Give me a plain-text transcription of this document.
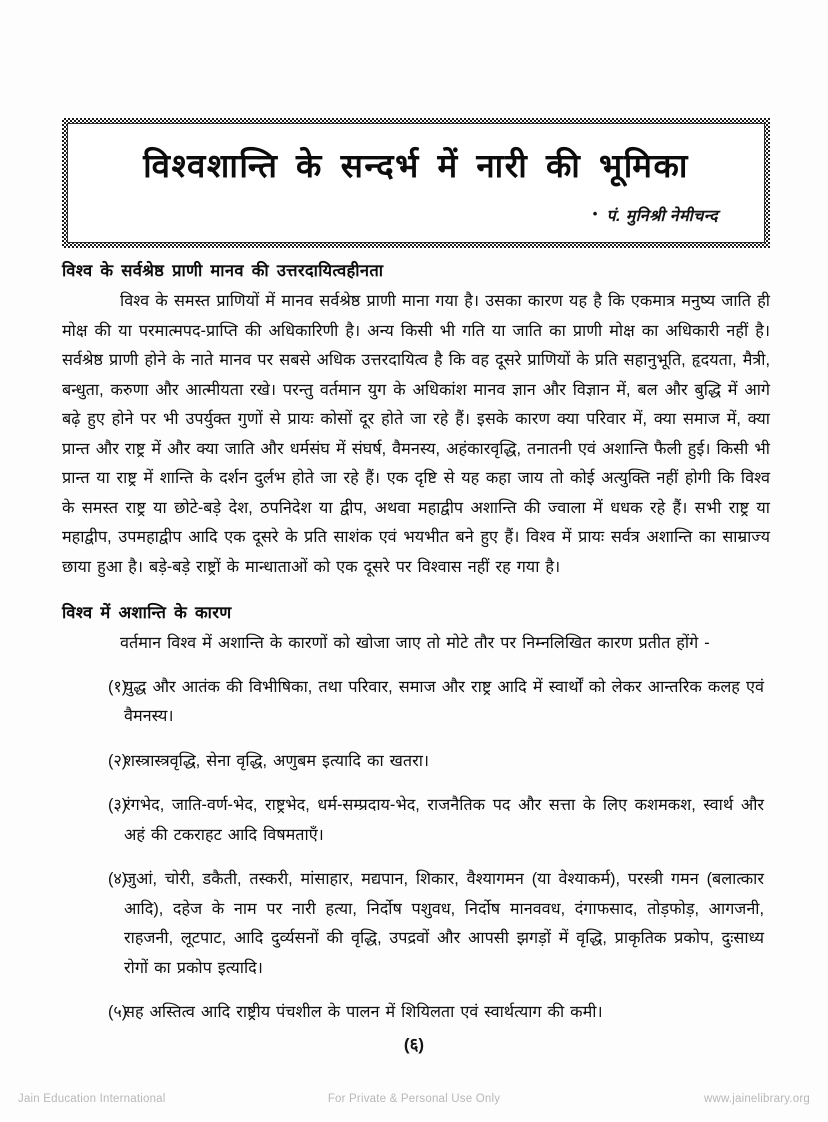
विश्वशान्ति के सन्दर्भ में नारी की भूमिका
• पं. मुनिश्री नेमीचन्द
विश्व के सर्वश्रेष्ठ प्राणी मानव की उत्तरदायित्वहीनता

विश्व के समस्त प्राणियों में मानव सर्वश्रेष्ठ प्राणी माना गया है। उसका कारण यह है कि एकमात्र मनुष्य जाति ही मोक्ष की या परमात्मपद-प्राप्ति की अधिकारिणी है। अन्य किसी भी गति या जाति का प्राणी मोक्ष का अधिकारी नहीं है। सर्वश्रेष्ठ प्राणी होने के नाते मानव पर सबसे अधिक उत्तरदायित्व है कि वह दूसरे प्राणियों के प्रति सहानुभूति, हृदयता, मैत्री, बन्धुता, करुणा और आत्मीयता रखे। परन्तु वर्तमान युग के अधिकांश मानव ज्ञान और विज्ञान में, बल और बुद्धि में आगे बढ़े हुए होने पर भी उपर्युक्त गुणों से प्रायः कोसों दूर होते जा रहे हैं। इसके कारण क्या परिवार में, क्या समाज में, क्या प्रान्त और राष्ट्र में और क्या जाति और धर्मसंघ में संघर्ष, वैमनस्य, अहंकारवृद्धि, तनातनी एवं अशान्ति फैली हुई। किसी भी प्रान्त या राष्ट्र में शान्ति के दर्शन दुर्लभ होते जा रहे हैं। एक दृष्टि से यह कहा जाय तो कोई अत्युक्ति नहीं होगी कि विश्व के समस्त राष्ट्र या छोटे-बड़े देश, ठपनिदेश या द्वीप, अथवा महाद्वीप अशान्ति की ज्वाला में धधक रहे हैं। सभी राष्ट्र या महाद्वीप, उपमहाद्वीप आदि एक दूसरे के प्रति साशंक एवं भयभीत बने हुए हैं। विश्व में प्रायः सर्वत्र अशान्ति का साम्राज्य छाया हुआ है। बड़े-बड़े राष्ट्रों के मान्धाताओं को एक दूसरे पर विश्वास नहीं रह गया है।

विश्व में अशान्ति के कारण

वर्तमान विश्व में अशान्ति के कारणों को खोजा जाए तो मोटे तौर पर निम्नलिखित कारण प्रतीत होंगे -

(१)
युद्ध और आतंक की विभीषिका, तथा परिवार, समाज और राष्ट्र आदि में स्वार्थों को लेकर आन्तरिक कलह एवं वैमनस्य।
(२)
शस्त्रास्त्रवृद्धि, सेना वृद्धि, अणुबम इत्यादि का खतरा।
(३)
रंगभेद, जाति-वर्ण-भेद, राष्ट्रभेद, धर्म-सम्प्रदाय-भेद, राजनैतिक पद और सत्ता के लिए कशमकश, स्वार्थ और अहं की टकराहट आदि विषमताएँ।
(४)
जुआं, चोरी, डकैती, तस्करी, मांसाहार, मद्यपान, शिकार, वैश्यागमन (या वेश्याकर्म), परस्त्री गमन (बलात्कार आदि), दहेज के नाम पर नारी हत्या, निर्दोष पशुवध, निर्दोष मानववध, दंगाफसाद, तोड़फोड़, आगजनी, राहजनी, लूटपाट, आदि दुर्व्यसनों की वृद्धि, उपद्रवों और आपसी झगड़ों में वृद्धि, प्राकृतिक प्रकोप, दुःसाध्य रोगों का प्रकोप इत्यादि।
(५)
सह अस्तित्व आदि राष्ट्रीय पंचशील के पालन में शियिलता एवं स्वार्थत्याग की कमी।
(६)
Jain Education International	For Private & Personal Use Only	www.jainelibrary.org
